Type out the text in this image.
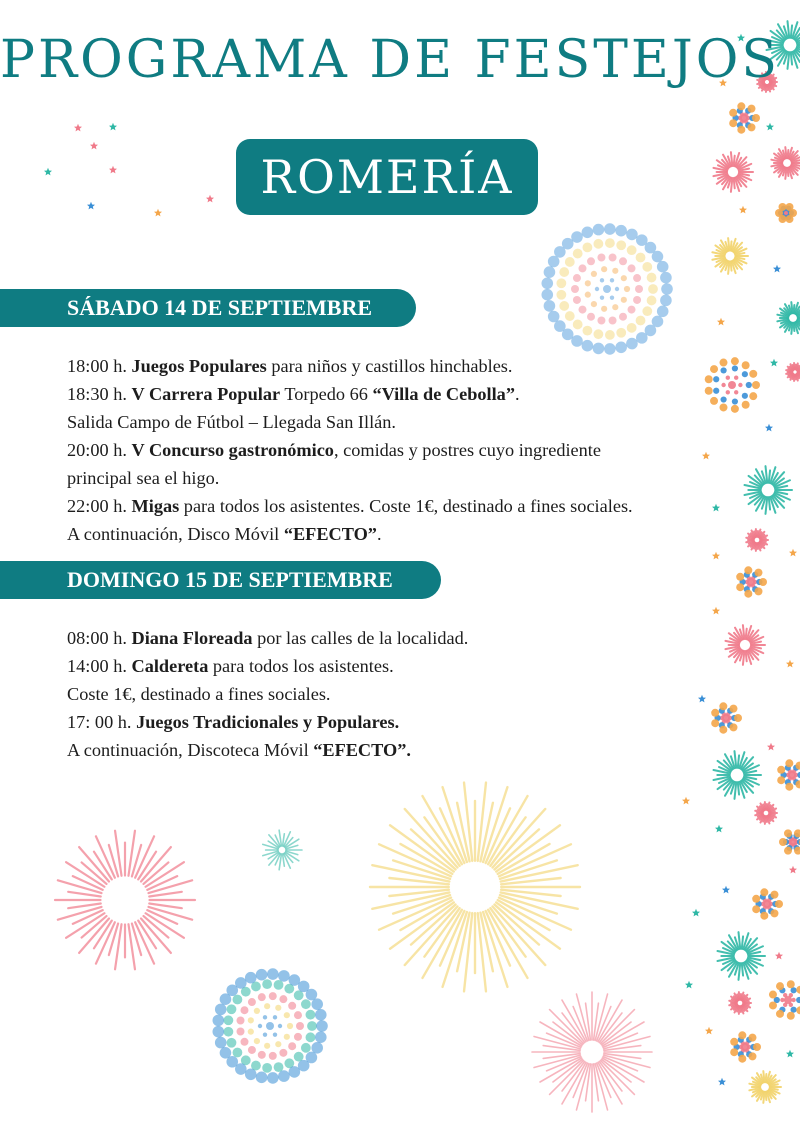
PROGRAMA DE FESTEJOS
ROMERÍA
SÁBADO 14 DE SEPTIEMBRE
18:00 h. Juegos Populares para niños y castillos hinchables.
18:30 h. V Carrera Popular Torpedo 66 “Villa de Cebolla”.
Salida Campo de Fútbol – Llegada San Illán.
20:00 h. V Concurso gastronómico, comidas y postres cuyo ingrediente
principal sea el higo.
22:00 h. Migas para todos los asistentes. Coste 1€, destinado a fines sociales.
A continuación, Disco Móvil “EFECTO”.
DOMINGO 15 DE SEPTIEMBRE
08:00 h. Diana Floreada por las calles de la localidad.
14:00 h. Caldereta para todos los asistentes.
Coste 1€, destinado a fines sociales.
17: 00 h. Juegos Tradicionales y Populares.
A continuación, Discoteca Móvil “EFECTO”.
